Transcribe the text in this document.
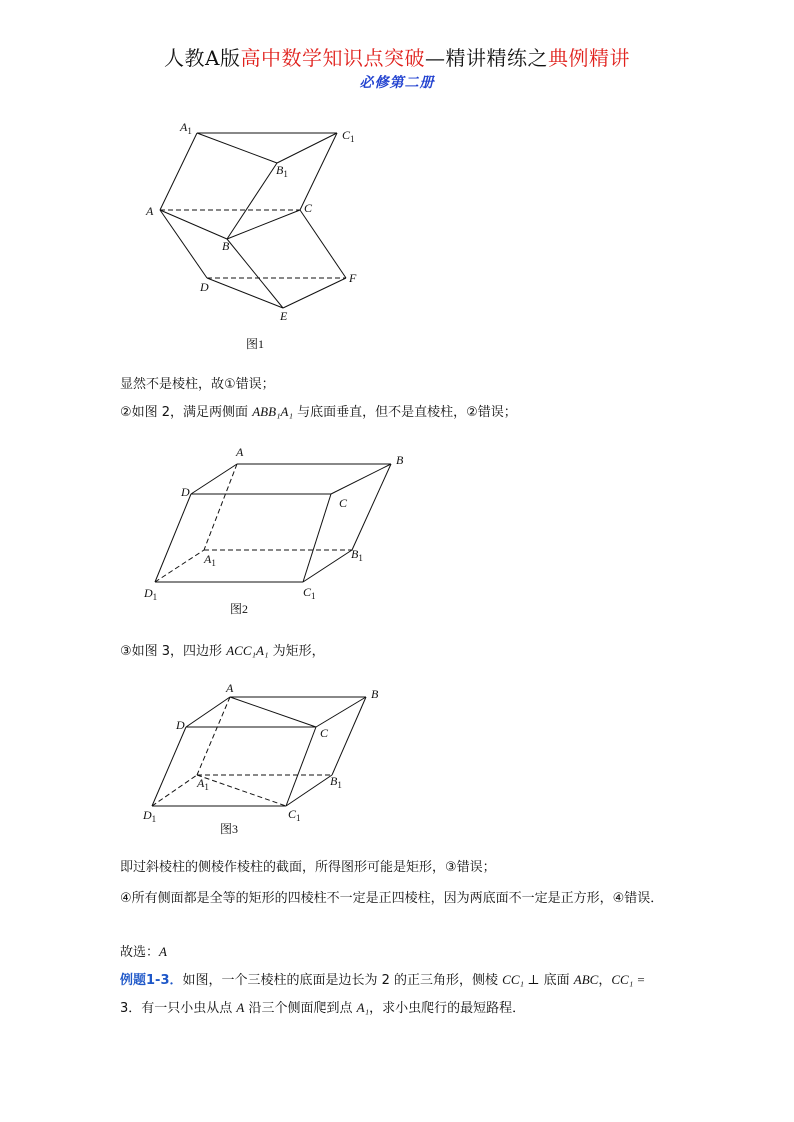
人教A版高中数学知识点突破—精讲精练之典例精讲
必修第二册
$A_1$	$C_1$
$B_1$
A	C
B
D
F
E
图1
显然不是棱柱，故①错误；
②如图 2，满足两侧面 ABB₁A₁ 与底面垂直，但不是直棱柱，②错误；
A
B
D
C
$A_1$
$B_1$
$D_1$	$C_1$
图2
③如图 3，四边形 ACC₁A₁ 为矩形，
A	B
D
C
$A_1$	$B_1$
$D_1$	$C_1$
图3
即过斜棱柱的侧棱作棱柱的截面，所得图形可能是矩形，③错误；
④所有侧面都是全等的矩形的四棱柱不一定是正四棱柱，因为两底面不一定是正方形，④错误．
故选：A
例题1-3．如图，一个三棱柱的底面是边长为 2 的正三角形，侧棱 CC₁ ⊥ 底面 ABC，CC₁ =
3．有一只小虫从点 A 沿三个侧面爬到点 A₁，求小虫爬行的最短路程．
